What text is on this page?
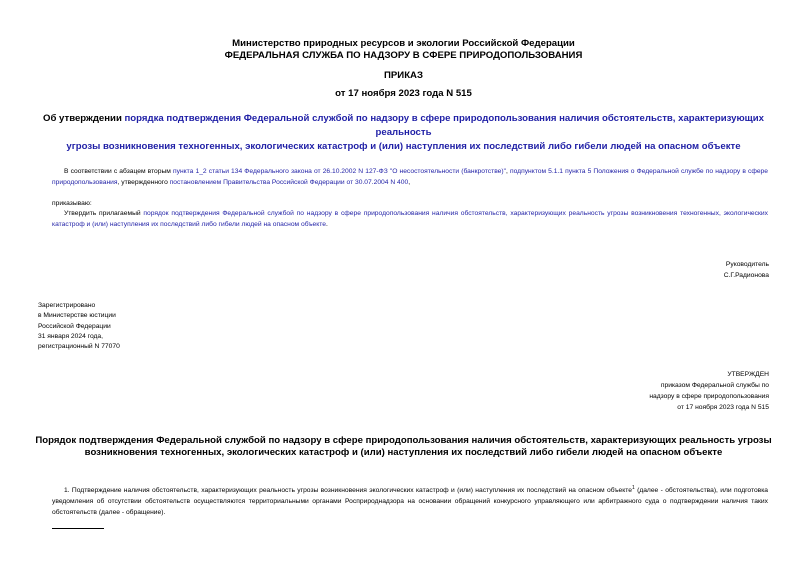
Министерство природных ресурсов и экологии Российской Федерации
ФЕДЕРАЛЬНАЯ СЛУЖБА ПО НАДЗОРУ В СФЕРЕ ПРИРОДОПОЛЬЗОВАНИЯ
ПРИКАЗ
от 17 ноября 2023 года N 515
Об утверждении порядка подтверждения Федеральной службой по надзору в сфере природопользования наличия обстоятельств, характеризующих реальность
угрозы возникновения техногенных, экологических катастроф и (или) наступления их последствий либо гибели людей на опасном объекте
В соответствии с абзацем вторым пункта 1_2 статьи 134 Федерального закона от 26.10.2002 N 127-ФЗ "О несостоятельности (банкротстве)", подпунктом 5.1.1 пункта 5 Положения о Федеральной службе по надзору в сфере природопользования, утвержденного постановлением Правительства Российской Федерации от 30.07.2004 N 400,
приказываю:
Утвердить прилагаемый порядок подтверждения Федеральной службой по надзору в сфере природопользования наличия обстоятельств, характеризующих реальность угрозы возникновения техногенных, экологических катастроф и (или) наступления их последствий либо гибели людей на опасном объекте.
Руководитель
С.Г.Радионова
Зарегистрировано
в Министерстве юстиции
Российской Федерации
31 января 2024 года,
регистрационный N 77070
УТВЕРЖДЕН
приказом Федеральной службы по
надзору в сфере природопользования
от 17 ноября 2023 года N 515
Порядок подтверждения Федеральной службой по надзору в сфере природопользования наличия обстоятельств, характеризующих реальность угрозы
возникновения техногенных, экологических катастроф и (или) наступления их последствий либо гибели людей на опасном объекте
1. Подтверждение наличия обстоятельств, характеризующих реальность угрозы возникновения экологических катастроф и (или) наступления их последствий на опасном объекте$^1$ (далее - обстоятельства), или подготовка уведомления об отсутствии обстоятельств осуществляются территориальными органами Росприроднадзора на основании обращений конкурсного управляющего или арбитражного суда о подтверждении наличия таких обстоятельств (далее - обращение).
